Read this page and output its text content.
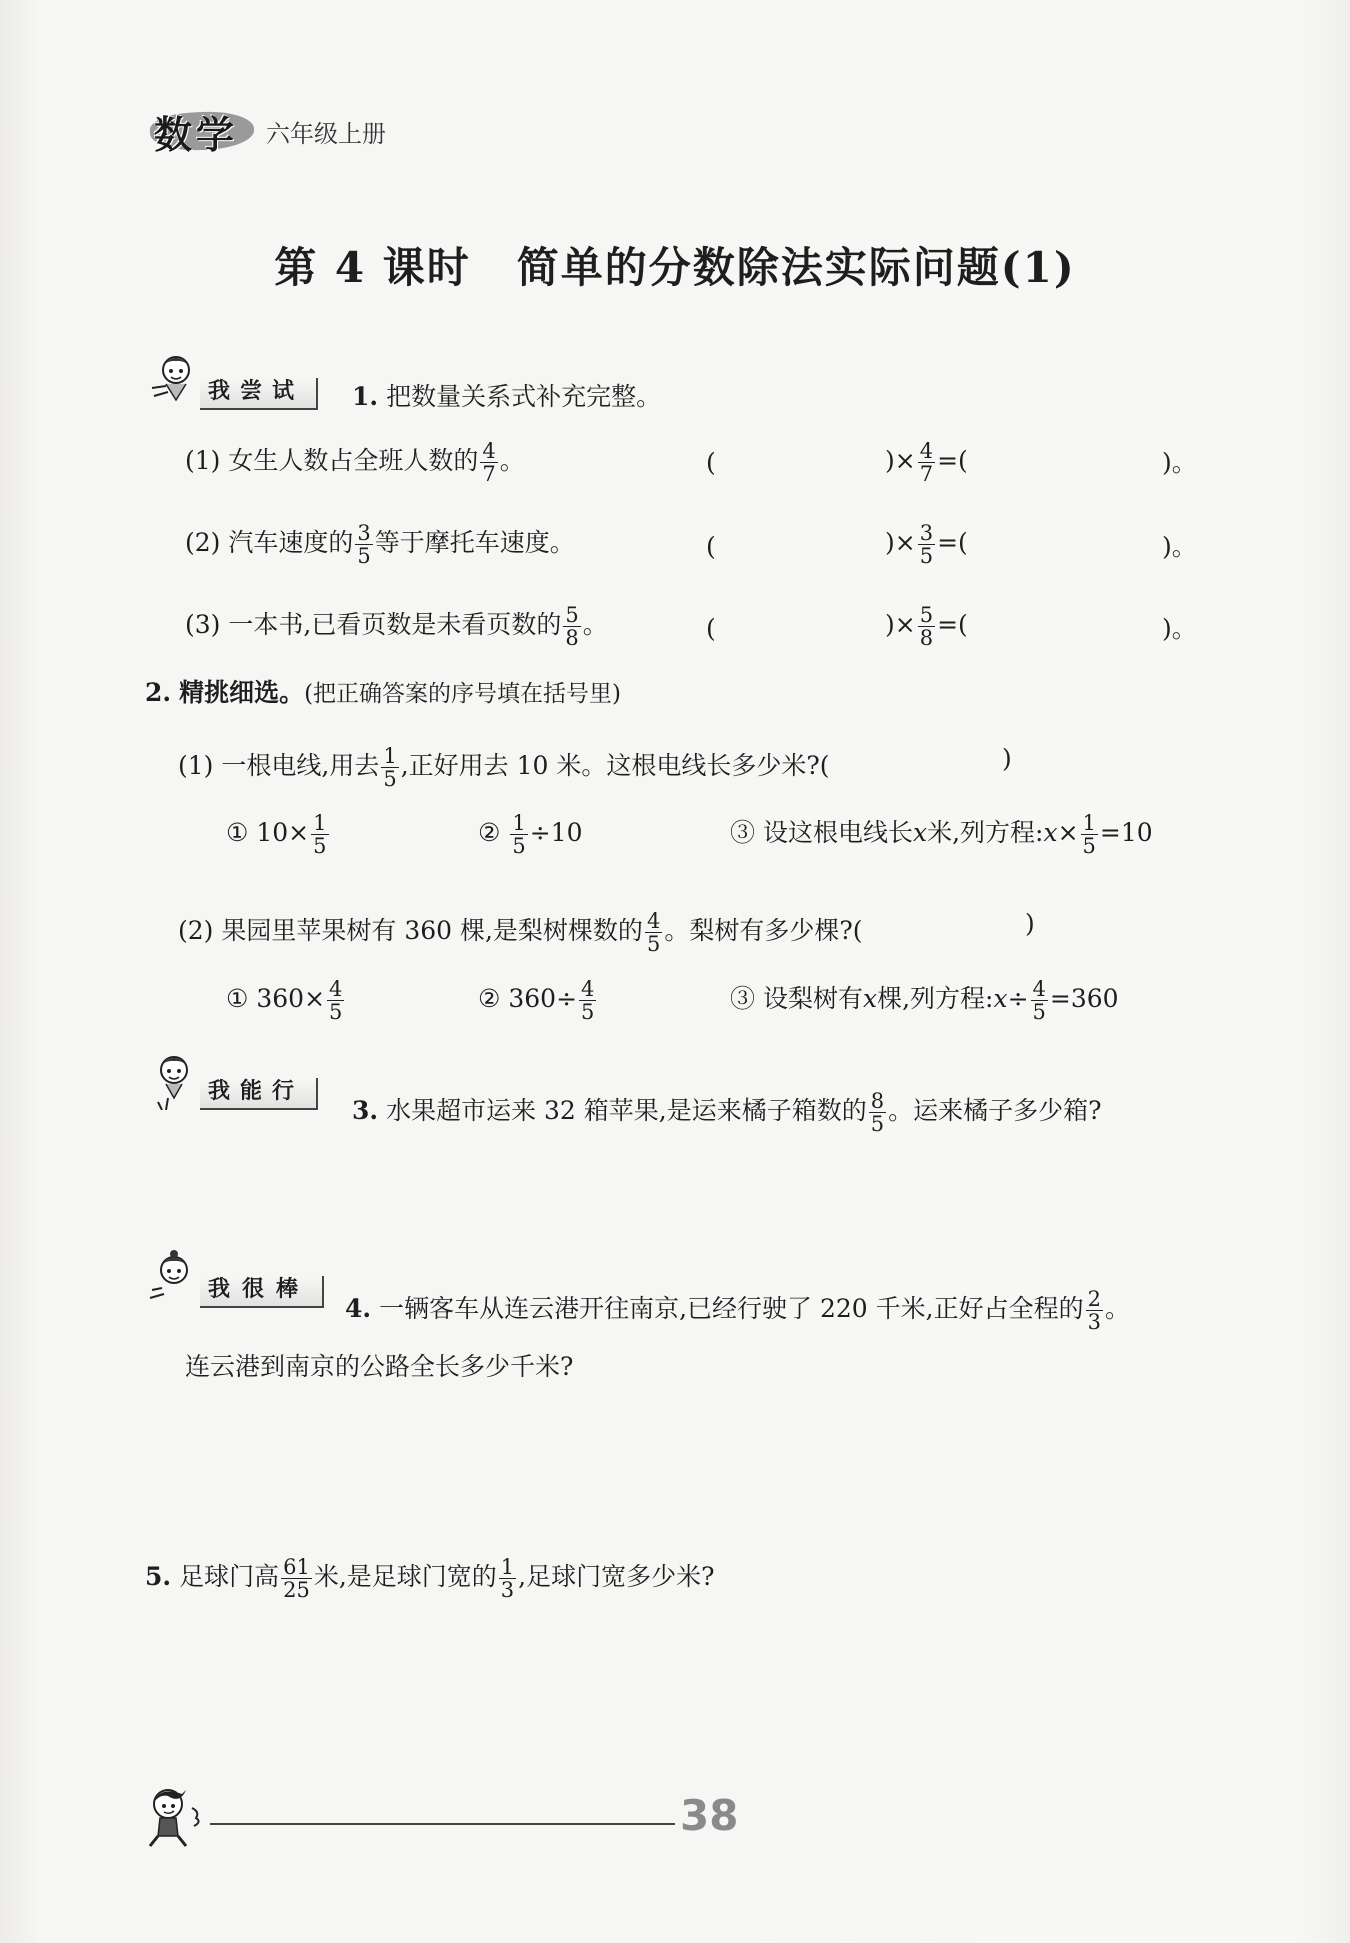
数学 六年级上册
第 4 课时 简单的分数除法实际问题(1)
我尝试	1. 把数量关系式补充完整。
(1) 女生人数占全班人数的 $\frac{4}{7}$ 。	(	)× $\frac{4}{7}$ =(	)。
(2) 汽车速度的 $\frac{3}{5}$ 等于摩托车速度。	(	)× $\frac{3}{5}$ =(	)。
(3) 一本书,已看页数是未看页数的 $\frac{5}{8}$ 。	(	)× $\frac{5}{8}$ =(	)。
2. 精挑细选。(把正确答案的序号填在括号里)
(1) 一根电线,用去 $\frac{1}{5}$ ,正好用去 10 米。这根电线长多少米?(	)
① $10\times \frac{1}{5}$	② $\frac{1}{5} \div 10$	③ 设这根电线长x米,列方程:x× $\frac{1}{5} =10$
(2) 果园里苹果树有 360 棵,是梨树棵数的 $\frac{4}{5}$ 。梨树有多少棵?(	)
① $360\times \frac{4}{5}$	② $360\div \frac{4}{5}$	③ 设梨树有x棵,列方程:x÷ $\frac{4}{5} =360$
我能行
3. 水果超市运来 32 箱苹果,是运来橘子箱数的 $\frac{8}{5}$ 。运来橘子多少箱?
我很棒
4. 一辆客车从连云港开往南京,已经行驶了 220 千米,正好占全程的 $\frac{2}{3}$ 。
连云港到南京的公路全长多少千米?
5. 足球门高 $\frac{61}{25}$ 米,是足球门宽的 $\frac{1}{3}$ ,足球门宽多少米?
38
